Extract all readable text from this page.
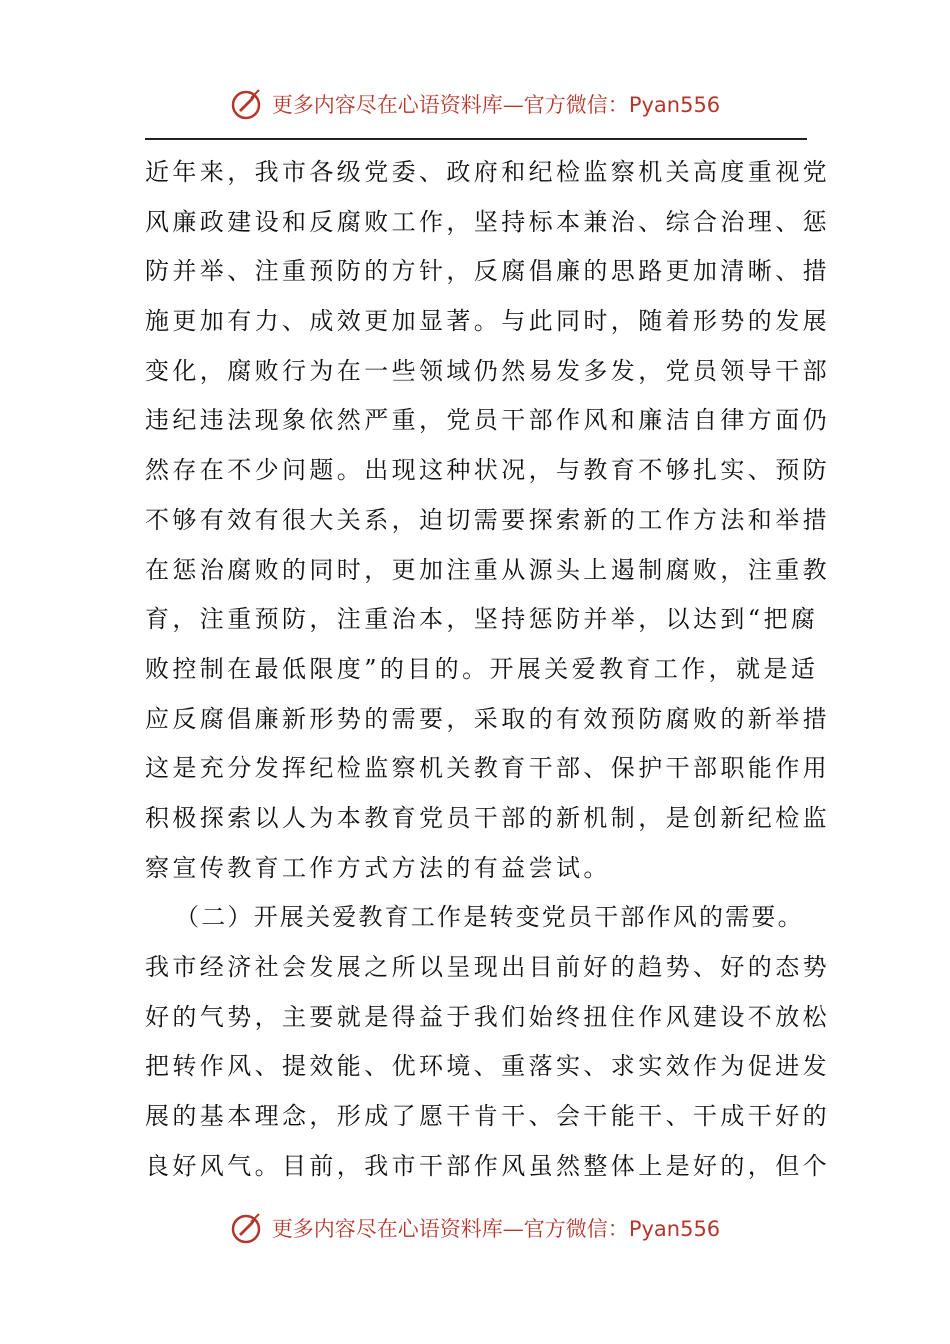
更多内容尽在心语资料库—官方微信：Pyan556
近年来，我市各级党委、政府和纪检监察机关高度重视党
风廉政建设和反腐败工作，坚持标本兼治、综合治理、惩
防并举、注重预防的方针，反腐倡廉的思路更加清晰、措
施更加有力、成效更加显著。与此同时，随着形势的发展
变化，腐败行为在一些领域仍然易发多发，党员领导干部
违纪违法现象依然严重，党员干部作风和廉洁自律方面仍
然存在不少问题。出现这种状况，与教育不够扎实、预防
不够有效有很大关系，迫切需要探索新的工作方法和举措
在惩治腐败的同时，更加注重从源头上遏制腐败，注重教
育，注重预防，注重治本，坚持惩防并举，以达到“把腐
败控制在最低限度”的目的。开展关爱教育工作，就是适
应反腐倡廉新形势的需要，采取的有效预防腐败的新举措
这是充分发挥纪检监察机关教育干部、保护干部职能作用
积极探索以人为本教育党员干部的新机制，是创新纪检监
察宣传教育工作方式方法的有益尝试。
（二）开展关爱教育工作是转变党员干部作风的需要。
我市经济社会发展之所以呈现出目前好的趋势、好的态势
好的气势，主要就是得益于我们始终扭住作风建设不放松
把转作风、提效能、优环境、重落实、求实效作为促进发
展的基本理念，形成了愿干肯干、会干能干、干成干好的
良好风气。目前，我市干部作风虽然整体上是好的，但个
更多内容尽在心语资料库—官方微信：Pyan556
